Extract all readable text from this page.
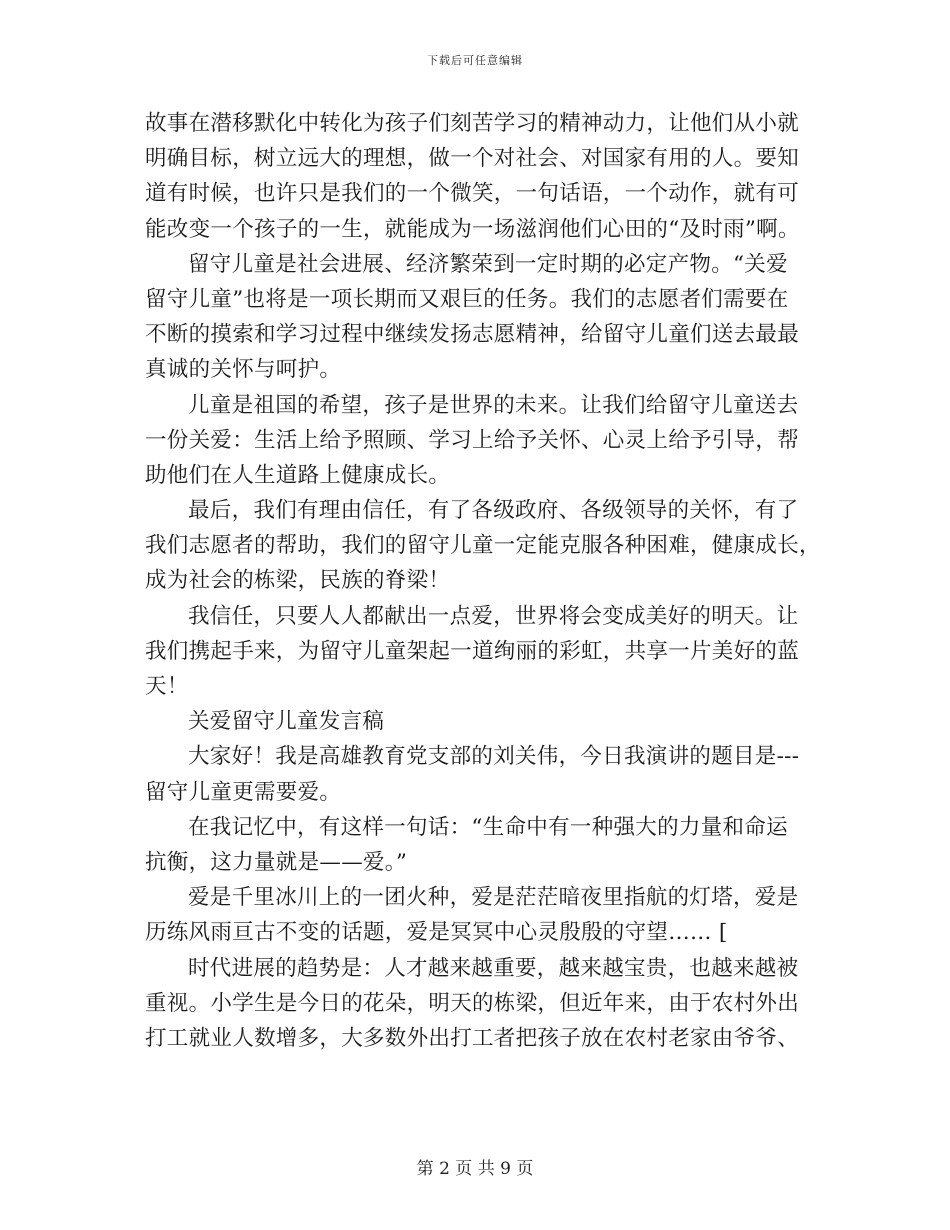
下载后可任意编辑
故事在潜移默化中转化为孩子们刻苦学习的精神动力，让他们从小就
明确目标，树立远大的理想，做一个对社会、对国家有用的人。要知
道有时候，也许只是我们的一个微笑，一句话语，一个动作，就有可
能改变一个孩子的一生，就能成为一场滋润他们心田的“及时雨”啊。
留守儿童是社会进展、经济繁荣到一定时期的必定产物。“关爱
留守儿童”也将是一项长期而又艰巨的任务。我们的志愿者们需要在
不断的摸索和学习过程中继续发扬志愿精神，给留守儿童们送去最最
真诚的关怀与呵护。
儿童是祖国的希望，孩子是世界的未来。让我们给留守儿童送去
一份关爱：生活上给予照顾、学习上给予关怀、心灵上给予引导，帮
助他们在人生道路上健康成长。
最后，我们有理由信任，有了各级政府、各级领导的关怀，有了
我们志愿者的帮助，我们的留守儿童一定能克服各种困难，健康成长，
成为社会的栋梁，民族的脊梁！
我信任，只要人人都献出一点爱，世界将会变成美好的明天。让
我们携起手来，为留守儿童架起一道绚丽的彩虹，共享一片美好的蓝
天！
关爱留守儿童发言稿
大家好！我是高雄教育党支部的刘关伟，今日我演讲的题目是---
留守儿童更需要爱。
在我记忆中，有这样一句话：“生命中有一种强大的力量和命运
抗衡，这力量就是——爱。”
爱是千里冰川上的一团火种，爱是茫茫暗夜里指航的灯塔，爱是
历练风雨亘古不变的话题，爱是冥冥中心灵殷殷的守望…… [
时代进展的趋势是：人才越来越重要，越来越宝贵，也越来越被
重视。小学生是今日的花朵，明天的栋梁，但近年来，由于农村外出
打工就业人数增多，大多数外出打工者把孩子放在农村老家由爷爷、
第 2 页 共 9 页
